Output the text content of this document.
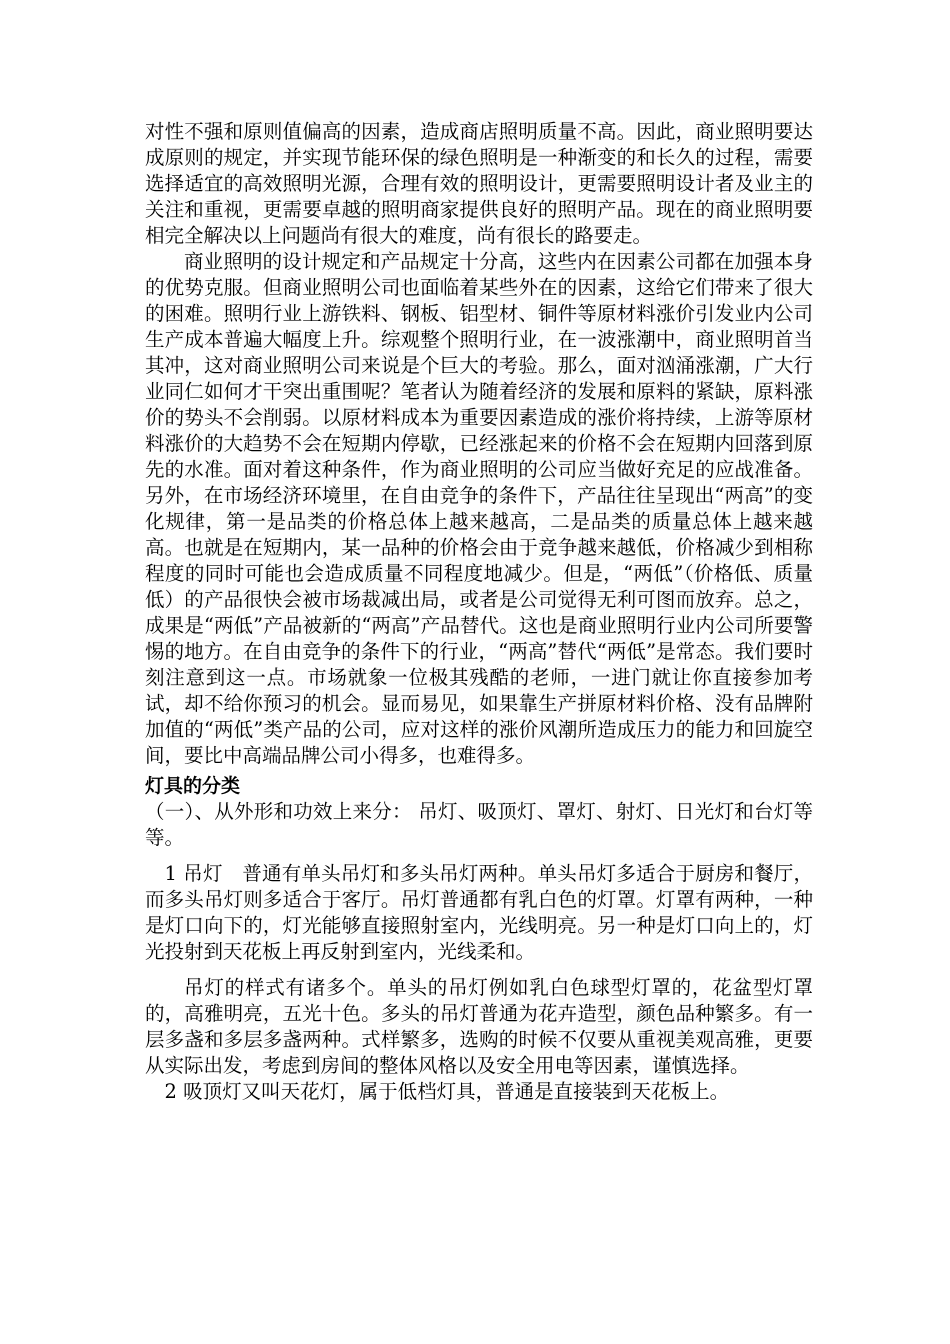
对性不强和原则值偏高的因素，造成商店照明质量不高。因此，商业照明要达成原则的规定，并实现节能环保的绿色照明是一种渐变的和长久的过程，需要选择适宜的高效照明光源，合理有效的照明设计，更需要照明设计者及业主的关注和重视，更需要卓越的照明商家提供良好的照明产品。现在的商业照明要相完全解决以上问题尚有很大的难度，尚有很长的路要走。

商业照明的设计规定和产品规定十分高，这些内在因素公司都在加强本身的优势克服。但商业照明公司也面临着某些外在的因素，这给它们带来了很大的困难。照明行业上游铁料、钢板、铝型材、铜件等原材料涨价引发业内公司生产成本普遍大幅度上升。综观整个照明行业，在一波涨潮中，商业照明首当其冲，这对商业照明公司来说是个巨大的考验。那么，面对汹涌涨潮，广大行业同仁如何才干突出重围呢？笔者认为随着经济的发展和原料的紧缺，原料涨价的势头不会削弱。以原材料成本为重要因素造成的涨价将持续，上游等原材料涨价的大趋势不会在短期内停歇，已经涨起来的价格不会在短期内回落到原先的水准。面对着这种条件，作为商业照明的公司应当做好充足的应战准备。另外，在市场经济环境里，在自由竞争的条件下，产品往往呈现出“两高”的变化规律，第一是品类的价格总体上越来越高，二是品类的质量总体上越来越高。也就是在短期内，某一品种的价格会由于竞争越来越低，价格减少到相称程度的同时可能也会造成质量不同程度地减少。但是，“两低”（价格低、质量低）的产品很快会被市场裁减出局，或者是公司觉得无利可图而放弃。总之，成果是“两低”产品被新的“两高”产品替代。这也是商业照明行业内公司所要警惕的地方。在自由竞争的条件下的行业，“两高”替代“两低”是常态。我们要时刻注意到这一点。市场就象一位极其残酷的老师，一进门就让你直接参加考试，却不给你预习的机会。显而易见，如果靠生产拼原材料价格、没有品牌附加值的“两低”类产品的公司，应对这样的涨价风潮所造成压力的能力和回旋空间，要比中高端品牌公司小得多，也难得多。

灯具的分类

（一）、从外形和功效上来分： 吊灯、吸顶灯、罩灯、射灯、日光灯和台灯等等。

1 吊灯　普通有单头吊灯和多头吊灯两种。单头吊灯多适合于厨房和餐厅，而多头吊灯则多适合于客厅。吊灯普通都有乳白色的灯罩。灯罩有两种，一种是灯口向下的，灯光能够直接照射室内，光线明亮。另一种是灯口向上的，灯光投射到天花板上再反射到室内，光线柔和。

吊灯的样式有诸多个。单头的吊灯例如乳白色球型灯罩的，花盆型灯罩的，高雅明亮，五光十色。多头的吊灯普通为花卉造型，颜色品种繁多。有一层多盏和多层多盏两种。式样繁多，选购的时候不仅要从重视美观高雅，更要从实际出发，考虑到房间的整体风格以及安全用电等因素，谨慎选择。

2 吸顶灯又叫天花灯，属于低档灯具，普通是直接装到天花板上。
